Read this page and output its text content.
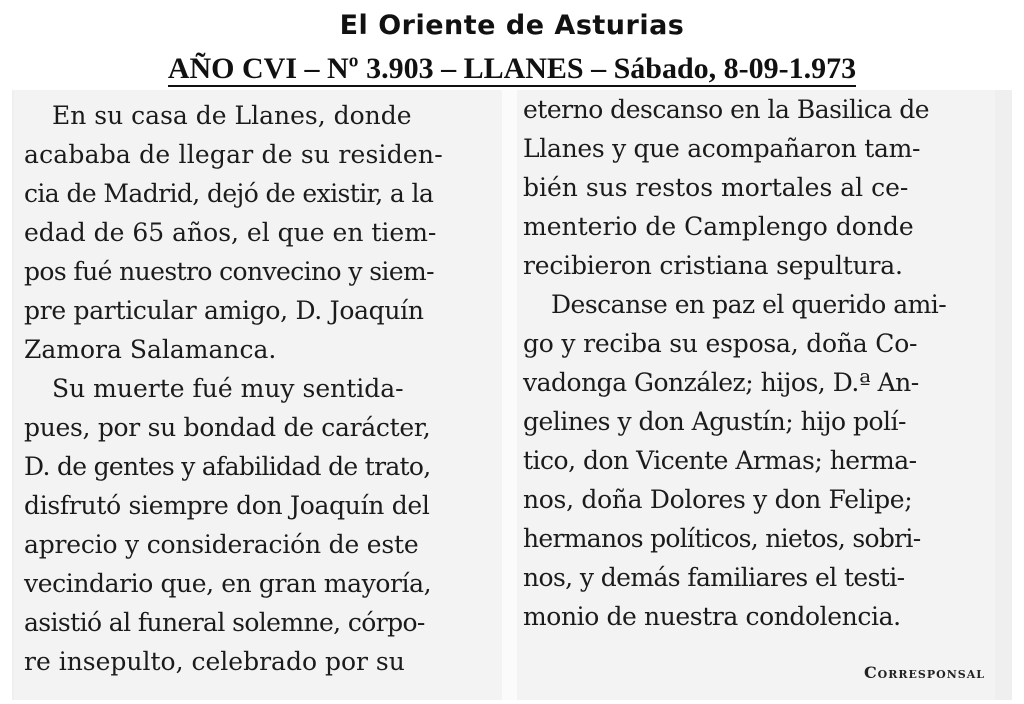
El Oriente de Asturias
AÑO CVI – Nº 3.903 – LLANES – Sábado, 8-09-1.973
En su casa de Llanes, donde
acababa de llegar de su residen-
cia de Madrid, dejó de existir, a la
edad de 65 años, el que en tiem-
pos fué nuestro convecino y siem-
pre particular amigo, D. Joaquín
Zamora Salamanca.
Su muerte fué muy sentida-
pues, por su bondad de carácter,
D. de gentes y afabilidad de trato,
disfrutó siempre don Joaquín del
aprecio y consideración de este
vecindario que, en gran mayoría,
asistió al funeral solemne, córpo-
re insepulto, celebrado por su
eterno descanso en la Basilica de
Llanes y que acompañaron tam-
bién sus restos mortales al ce-
menterio de Camplengo donde
recibieron cristiana sepultura.
Descanse en paz el querido ami-
go y reciba su esposa, doña Co-
vadonga González; hijos, D.ª An-
gelines y don Agustín; hijo polí-
tico, don Vicente Armas; herma-
nos, doña Dolores y don Felipe;
hermanos políticos, nietos, sobri-
nos, y demás familiares el testi-
monio de nuestra condolencia.
Corresponsal
